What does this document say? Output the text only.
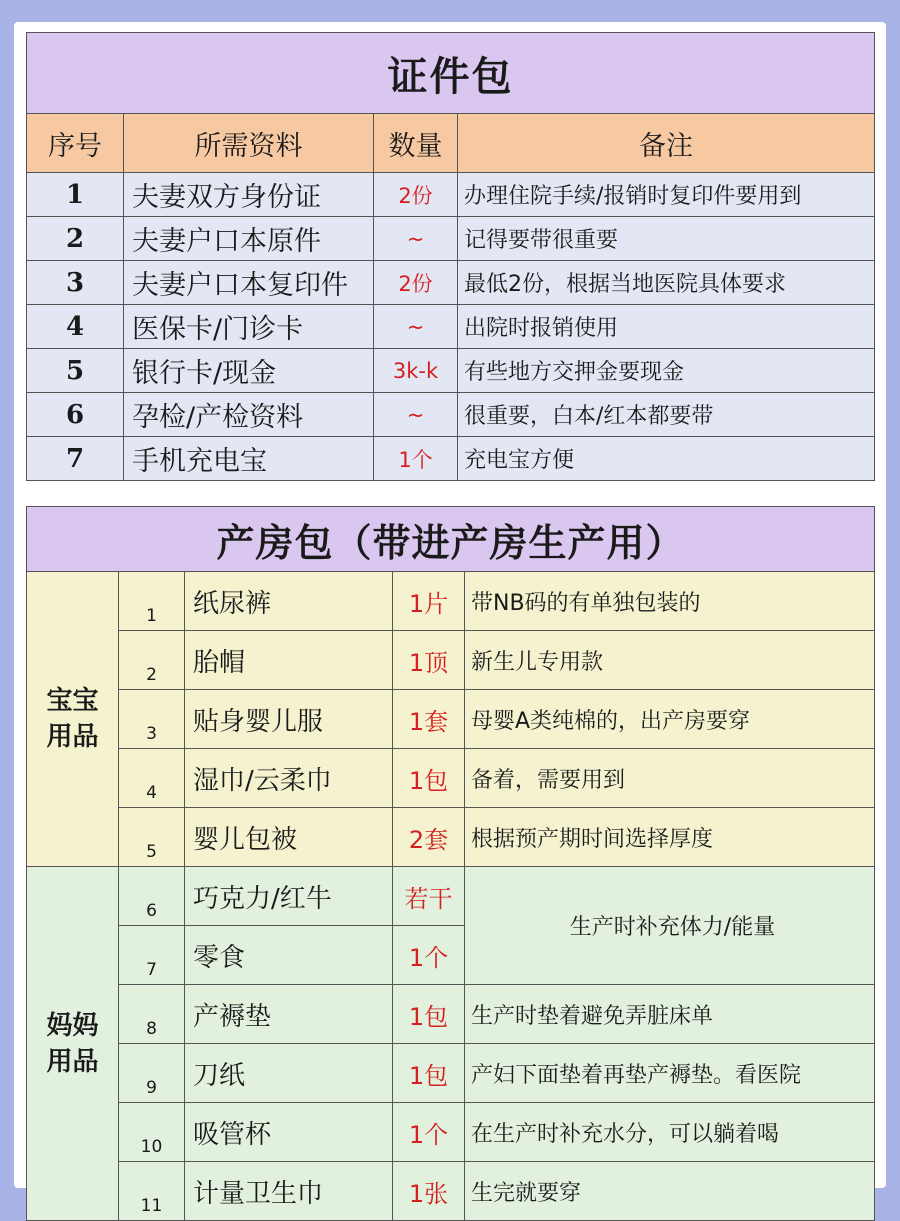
证件包			
序号	所需资料	数量	备注
1	夫妻双方身份证	2份	办理住院手续/报销时复印件要用到
2	夫妻户口本原件	~	记得要带很重要
3	夫妻户口本复印件	2份	最低2份，根据当地医院具体要求
4	医保卡/门诊卡	~	出院时报销使用
5	银行卡/现金	3k-k	有些地方交押金要现金
6	孕检/产检资料	~	很重要，白本/红本都要带
7	手机充电宝	1个	充电宝方便
产房包（带进产房生产用）				

宝宝用品	1	纸尿裤	1片	带NB码的有单独包装的
	2	胎帽	1顶	新生儿专用款
	3	贴身婴儿服	1套	母婴A类纯棉的，出产房要穿
	4	湿巾/云柔巾	1包	备着，需要用到
	5	婴儿包被	2套	根据预产期时间选择厚度

妈妈用品	6	巧克力/红牛	若干	生产时补充体力/能量
	7	零食	1个	
	8	产褥垫	1包	生产时垫着避免弄脏床单
	9	刀纸	1包	产妇下面垫着再垫产褥垫。看医院
	10	吸管杯	1个	在生产时补充水分，可以躺着喝
	11	计量卫生巾	1张	生完就要穿
